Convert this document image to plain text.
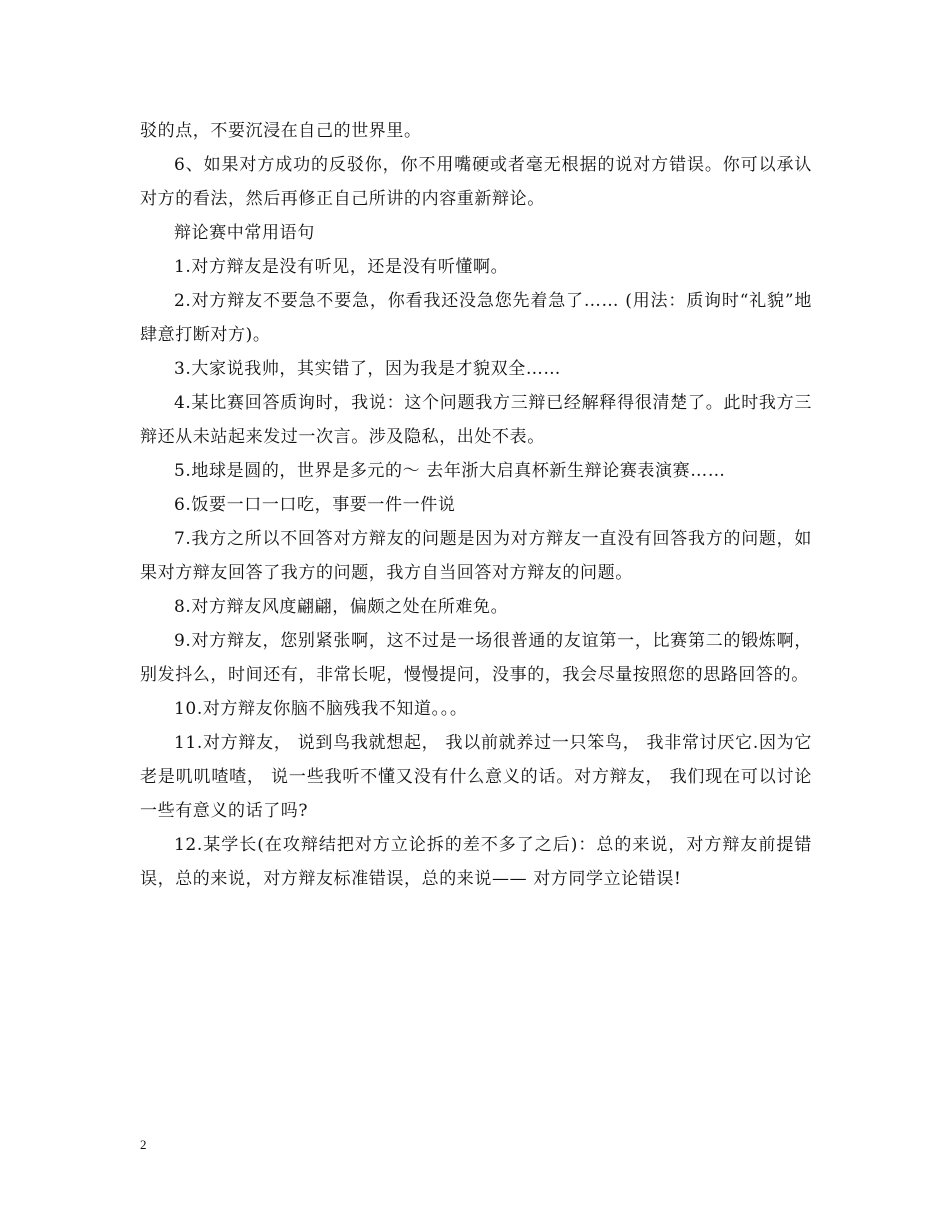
驳的点，不要沉浸在自己的世界里。

6、如果对方成功的反驳你，你不用嘴硬或者毫无根据的说对方错误。你可以承认对方的看法，然后再修正自己所讲的内容重新辩论。

辩论赛中常用语句

1.对方辩友是没有听见，还是没有听懂啊。

2.对方辩友不要急不要急，你看我还没急您先着急了…… (用法：质询时“礼貌”地肆意打断对方)。

3.大家说我帅，其实错了，因为我是才貌双全……

4.某比赛回答质询时，我说：这个问题我方三辩已经解释得很清楚了。此时我方三辩还从未站起来发过一次言。涉及隐私，出处不表。

5.地球是圆的，世界是多元的～ 去年浙大启真杯新生辩论赛表演赛……

6.饭要一口一口吃，事要一件一件说

7.我方之所以不回答对方辩友的问题是因为对方辩友一直没有回答我方的问题，如果对方辩友回答了我方的问题，我方自当回答对方辩友的问题。

8.对方辩友风度翩翩，偏颇之处在所难免。

9.对方辩友，您别紧张啊，这不过是一场很普通的友谊第一，比赛第二的锻炼啊，别发抖么，时间还有，非常长呢，慢慢提问，没事的，我会尽量按照您的思路回答的。

10.对方辩友你脑不脑残我不知道。。。

11.对方辩友， 说到鸟我就想起， 我以前就养过一只笨鸟， 我非常讨厌它.因为它老是叽叽喳喳， 说一些我听不懂又没有什么意义的话。对方辩友， 我们现在可以讨论一些有意义的话了吗?

12.某学长(在攻辩结把对方立论拆的差不多了之后)：总的来说，对方辩友前提错误，总的来说，对方辩友标准错误，总的来说—— 对方同学立论错误!

2
